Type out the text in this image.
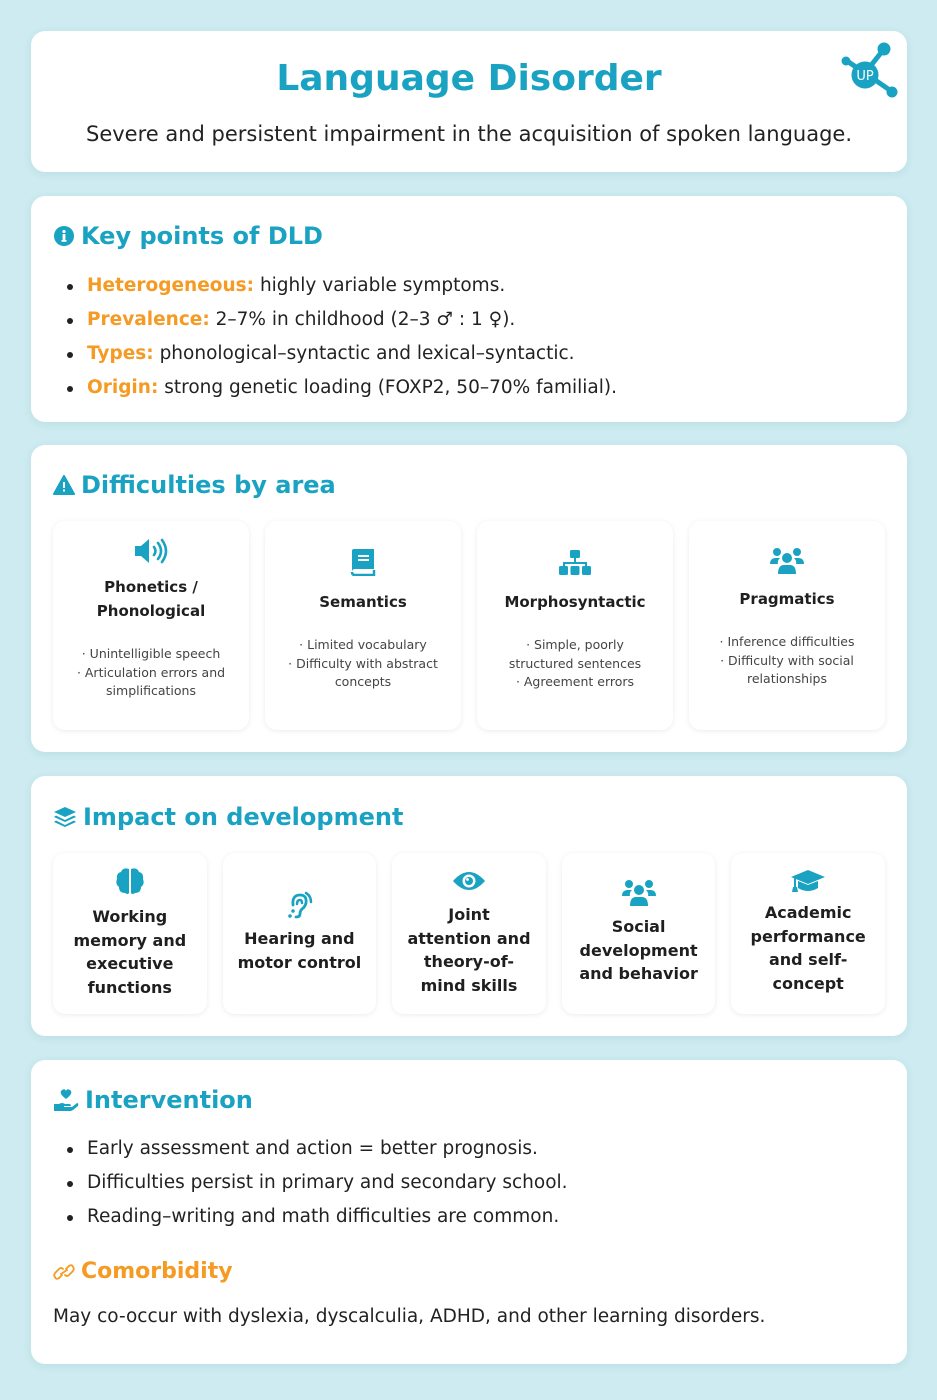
Language Disorder
Severe and persistent impairment in the acquisition of spoken language.
UP
Key points of DLD
Heterogeneous: highly variable symptoms.
Prevalence: 2–7% in childhood (2–3 ♂ : 1 ♀).
Types: phonological–syntactic and lexical–syntactic.
Origin: strong genetic loading (FOXP2, 50–70% familial).
Difficulties by area
Phonetics / Phonological
· Unintelligible speech
· Articulation errors and simplifications
Semantics
· Limited vocabulary
· Difficulty with abstract concepts
Morphosyntactic
· Simple, poorly structured sentences
· Agreement errors
Pragmatics
· Inference difficulties
· Difficulty with social relationships
Impact on development
Working memory and executive functions
Hearing and motor control
Joint attention and theory-of-mind skills
Social development and behavior
Academic performance and self-concept
Intervention
Early assessment and action = better prognosis.
Difficulties persist in primary and secondary school.
Reading–writing and math difficulties are common.
Comorbidity
May co-occur with dyslexia, dyscalculia, ADHD, and other learning disorders.
